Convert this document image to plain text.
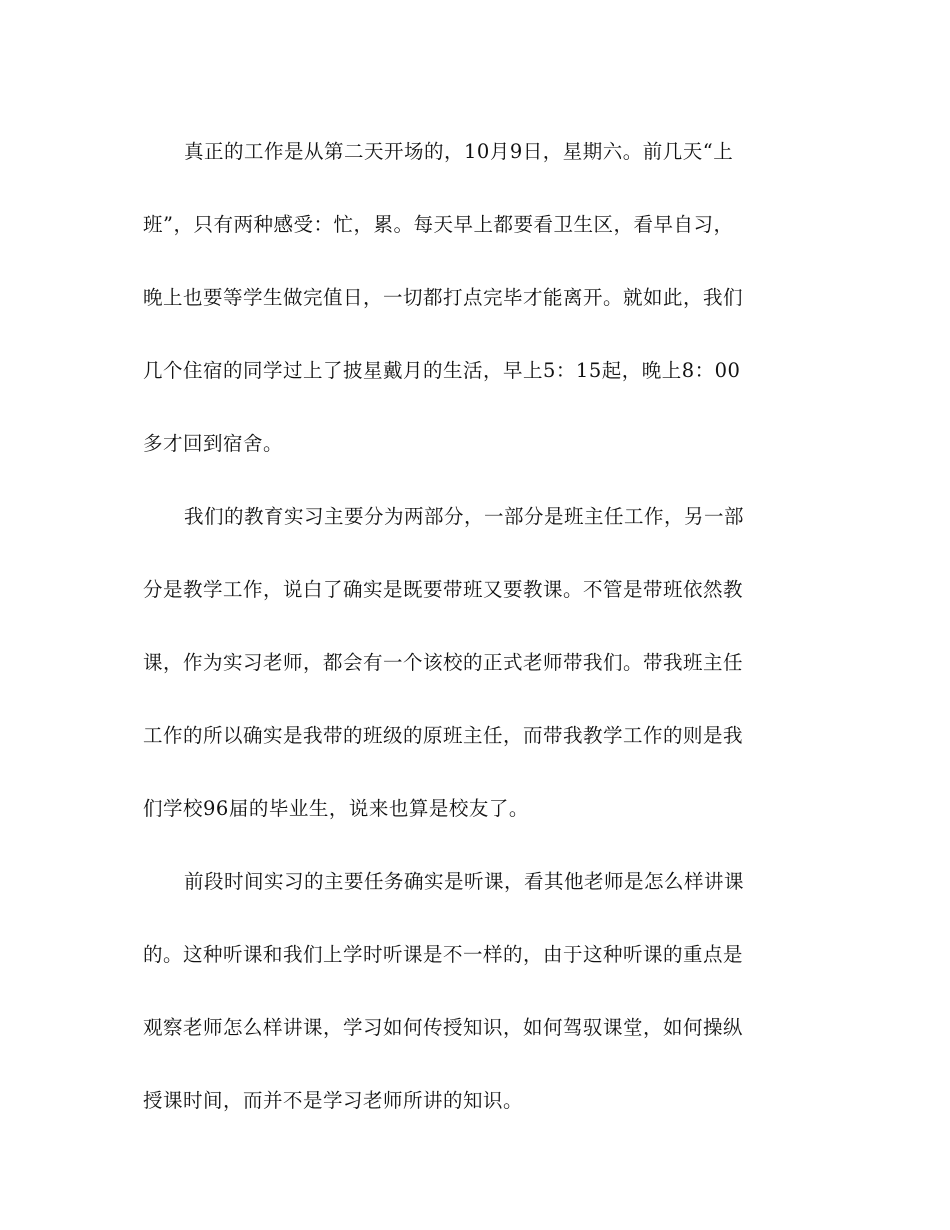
真正的工作是从第二天开场的，10月9日，星期六。前几天“上
班”，只有两种感受：忙，累。每天早上都要看卫生区，看早自习，
晚上也要等学生做完值日，一切都打点完毕才能离开。就如此，我们
几个住宿的同学过上了披星戴月的生活，早上5：15起，晚上8：00
多才回到宿舍。
我们的教育实习主要分为两部分，一部分是班主任工作，另一部
分是教学工作，说白了确实是既要带班又要教课。不管是带班依然教
课，作为实习老师，都会有一个该校的正式老师带我们。带我班主任
工作的所以确实是我带的班级的原班主任，而带我教学工作的则是我
们学校96届的毕业生，说来也算是校友了。
前段时间实习的主要任务确实是听课，看其他老师是怎么样讲课
的。这种听课和我们上学时听课是不一样的，由于这种听课的重点是
观察老师怎么样讲课，学习如何传授知识，如何驾驭课堂，如何操纵
授课时间，而并不是学习老师所讲的知识。
